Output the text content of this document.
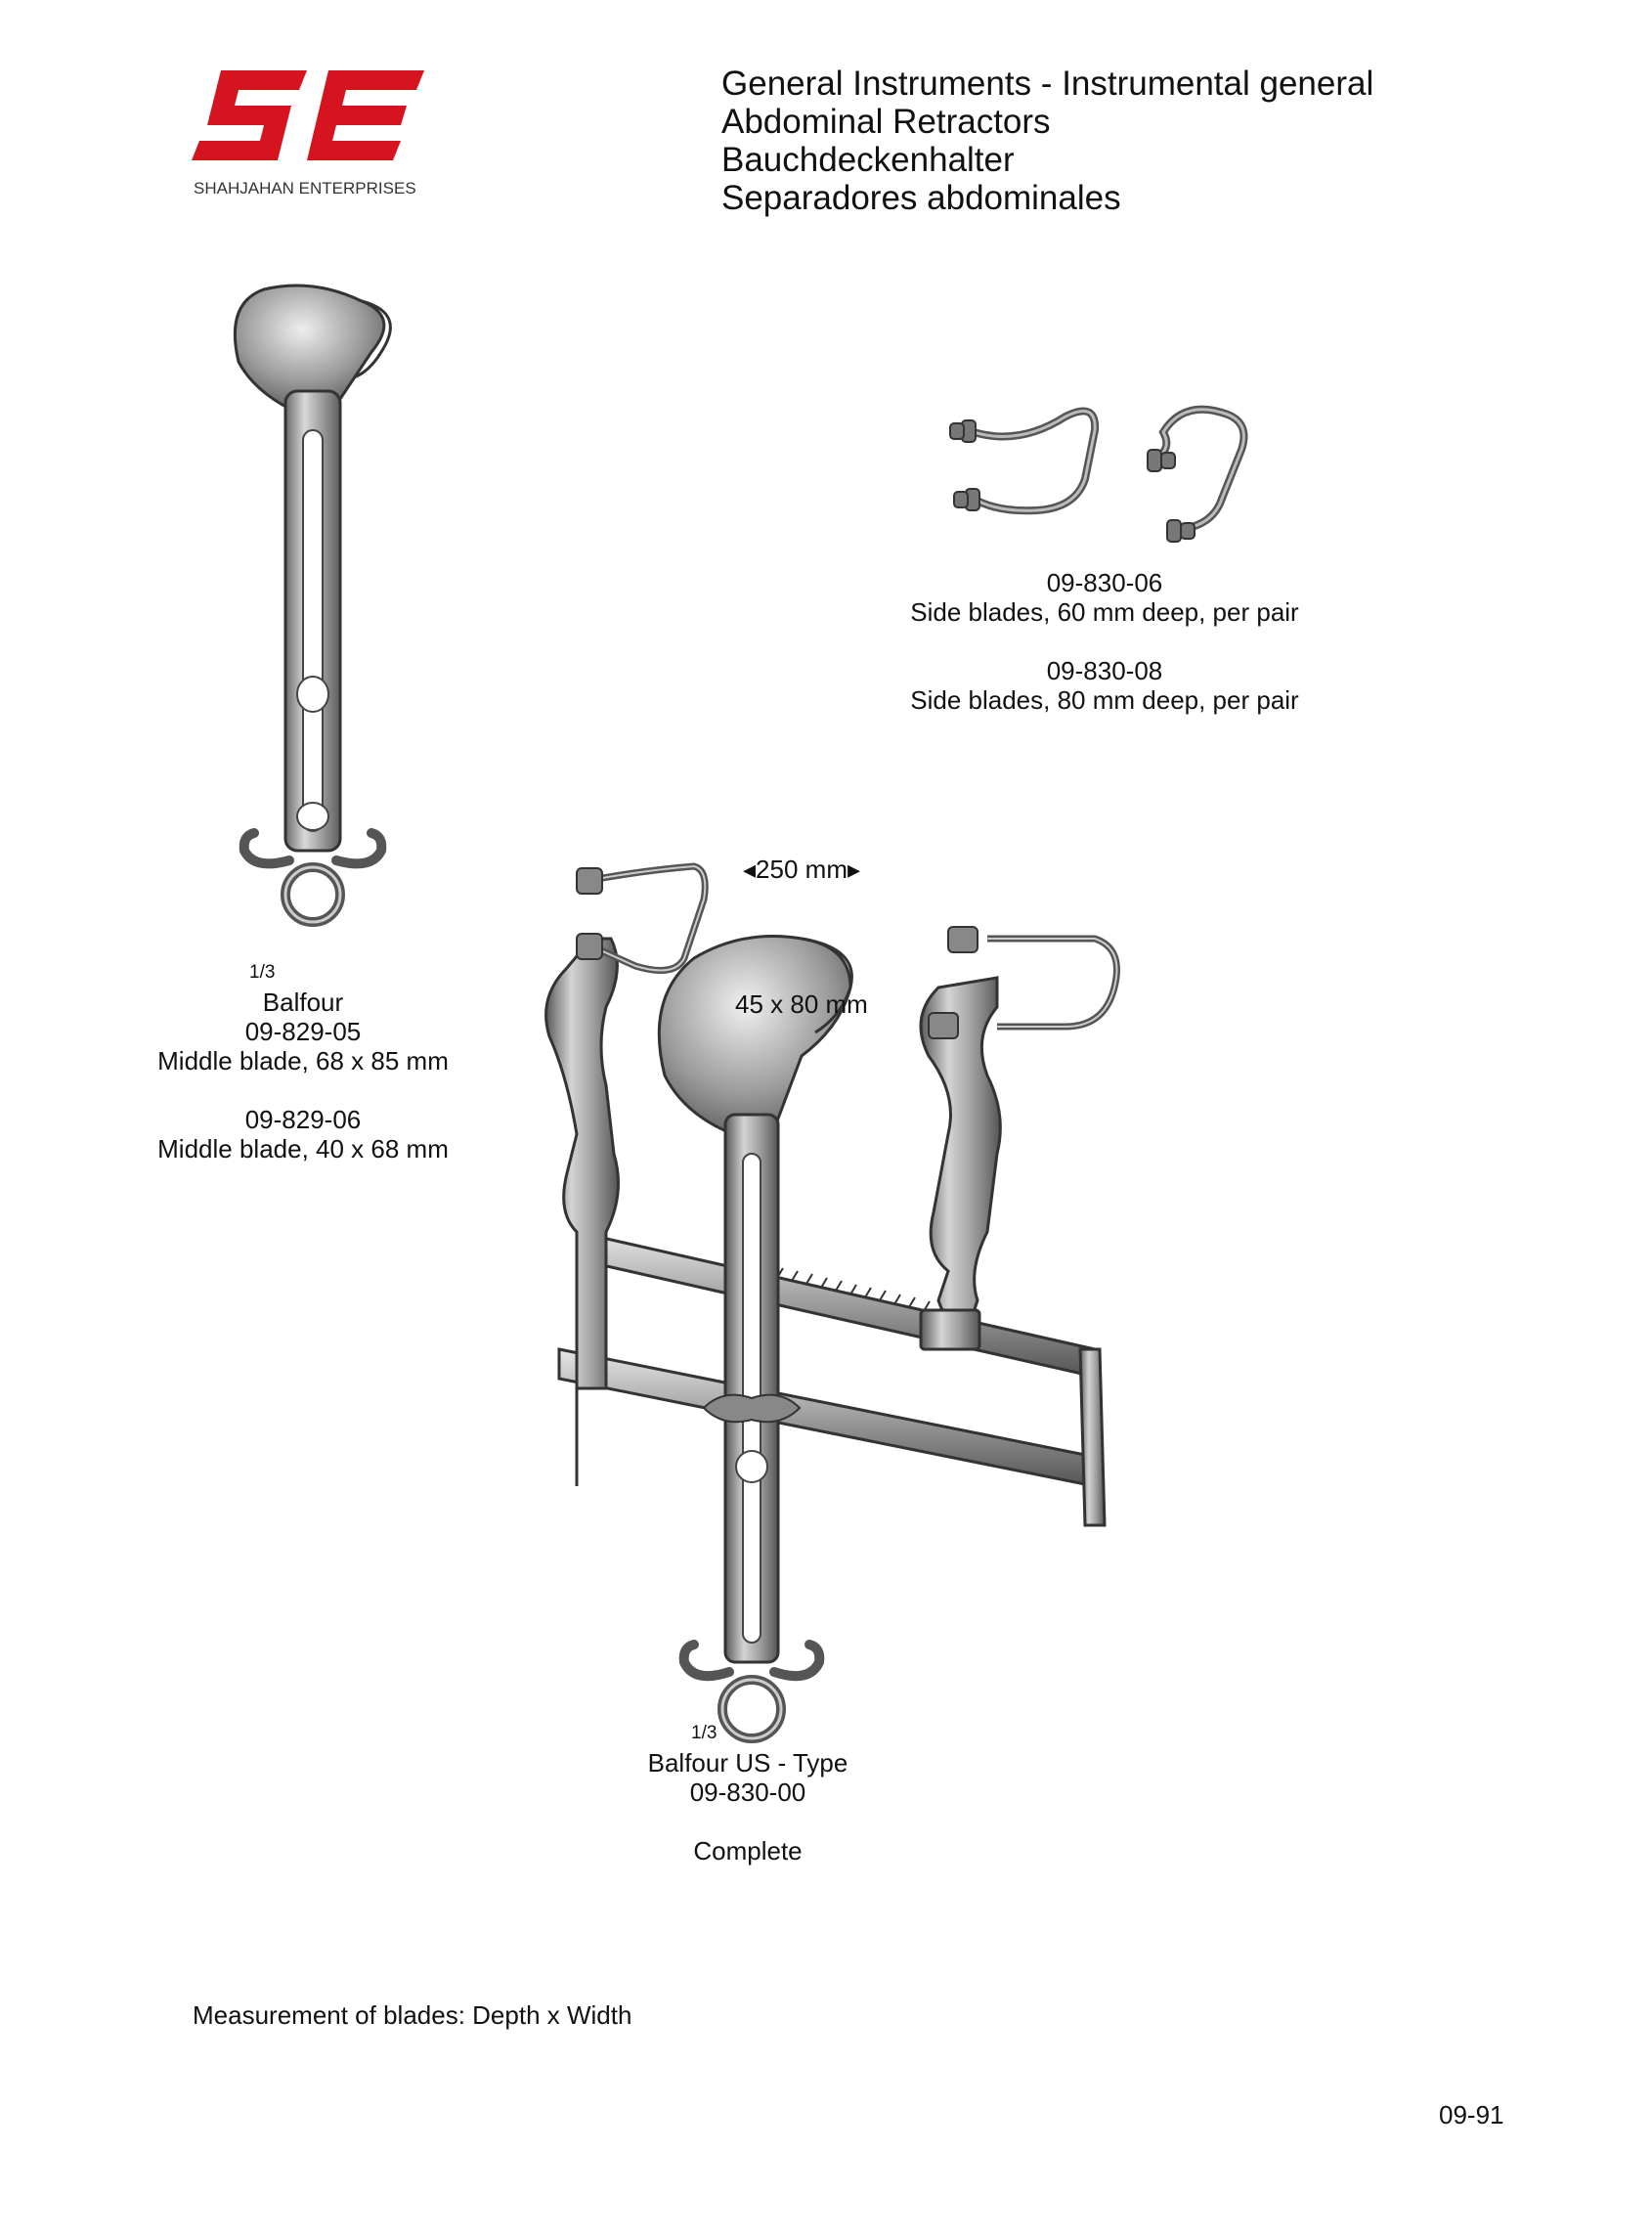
SHAHJAHAN ENTERPRISES
General Instruments - Instrumental general
Abdominal Retractors
Bauchdeckenhalter
Separadores abdominales
09-830-06
Side blades, 60 mm deep, per pair
09-830-08
Side blades, 80 mm deep, per pair
1/3
Balfour
09-829-05
Middle blade, 68 x 85 mm
09-829-06
Middle blade, 40 x 68 mm
◂250 mm▸
45 x 80 mm
1/3
Balfour US - Type
09-830-00
Complete
Measurement of blades: Depth x Width
09-91
